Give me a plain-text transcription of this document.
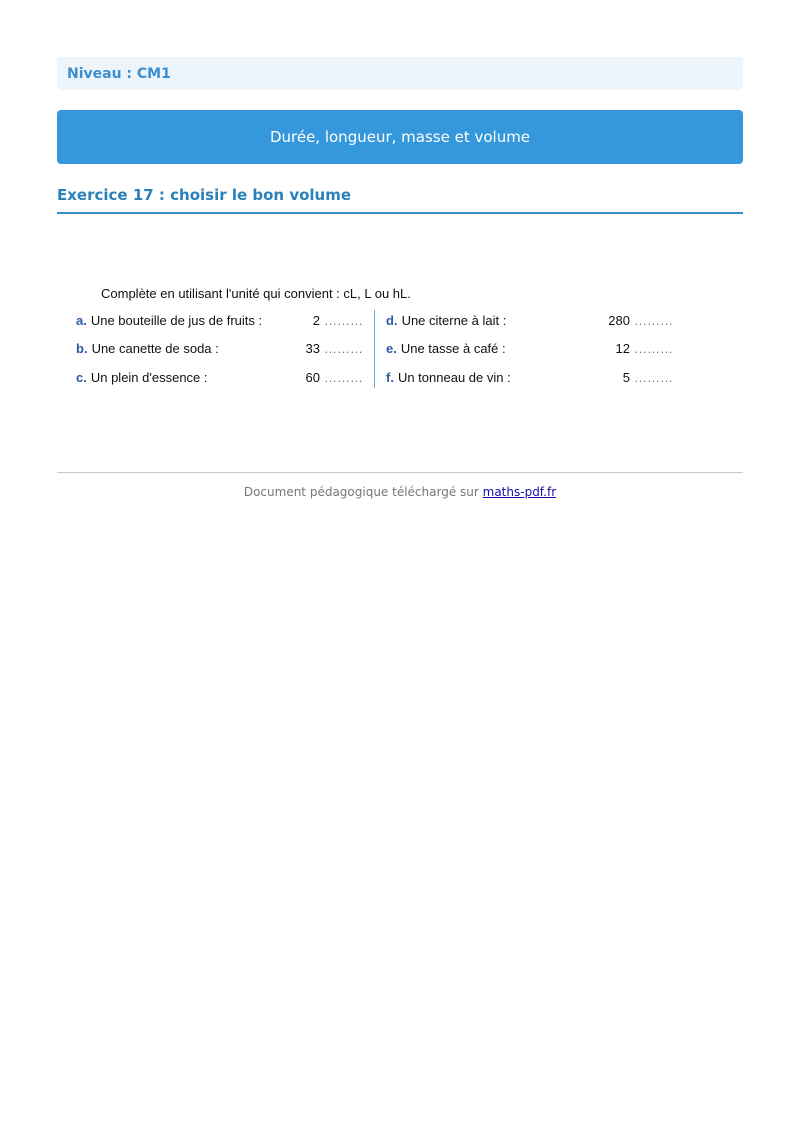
Niveau : CM1
Durée, longueur, masse et volume
Exercice 17 : choisir le bon volume
Complète en utilisant l'unité qui convient : cL, L ou hL.
a. Une bouteille de jus de fruits :	2 ………
b. Une canette de soda :	33 ………
c. Un plein d'essence :	60 ………
d. Une citerne à lait :	280 ………
e. Une tasse à café :	12 ………
f. Un tonneau de vin :	5 ………
Document pédagogique téléchargé sur maths-pdf.fr
